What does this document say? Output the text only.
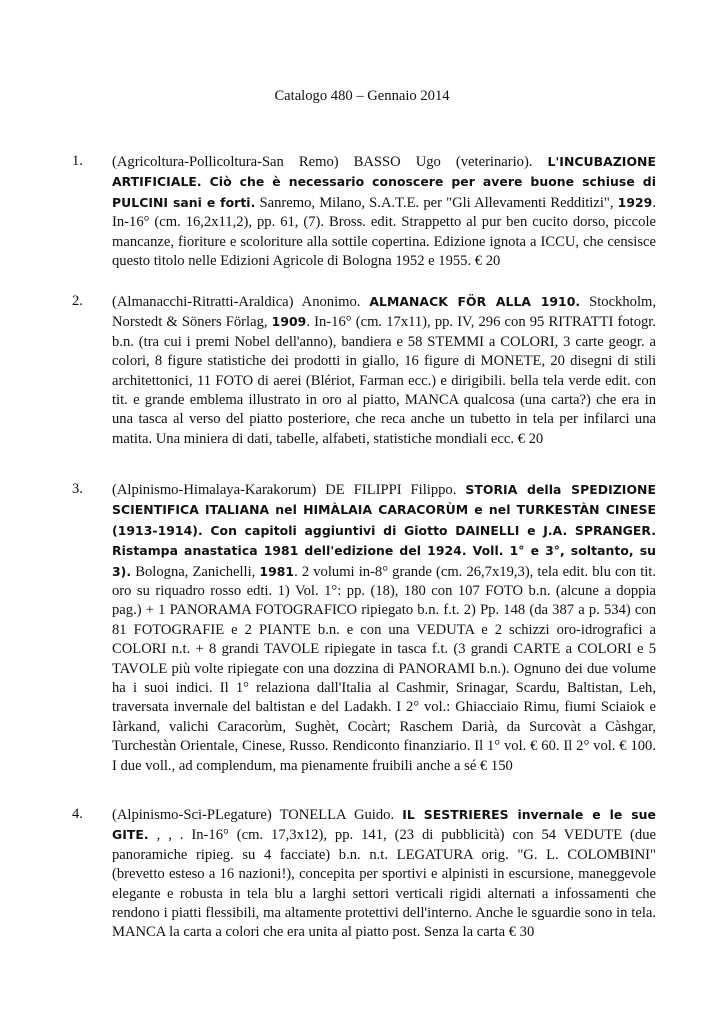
Catalogo 480 – Gennaio 2014
1. (Agricoltura-Pollicoltura-San Remo) BASSO Ugo (veterinario). L'INCUBAZIONE ARTIFICIALE. Ciò che è necessario conoscere per avere buone schiuse di PULCINI sani e forti. Sanremo, Milano, S.A.T.E. per "Gli Allevamenti Redditizi", 1929. In-16° (cm. 16,2x11,2), pp. 61, (7). Bross. edit. Strappetto al pur ben cucito dorso, piccole mancanze, fioriture e scoloriture alla sottile copertina. Edizione ignota a ICCU, che censisce questo titolo nelle Edizioni Agricole di Bologna 1952 e 1955. € 20
2. (Almanacchi-Ritratti-Araldica) Anonimo. ALMANACK FÖR ALLA 1910. Stockholm, Norstedt & Söners Förlag, 1909. In-16° (cm. 17x11), pp. IV, 296 con 95 RITRATTI fotogr. b.n. (tra cui i premi Nobel dell'anno), bandiera e 58 STEMMI a COLORI, 3 carte geogr. a colori, 8 figure statistiche dei prodotti in giallo, 16 figure di MONETE, 20 disegni di stili architettonici, 11 FOTO di aerei (Blériot, Farman ecc.) e dirigibili. bella tela verde edit. con tit. e grande emblema illustrato in oro al piatto, MANCA qualcosa (una carta?) che era in una tasca al verso del piatto posteriore, che reca anche un tubetto in tela per infilarci una matita. Una miniera di dati, tabelle, alfabeti, statistiche mondiali ecc. € 20
3. (Alpinismo-Himalaya-Karakorum) DE FILIPPI Filippo. STORIA della SPEDIZIONE SCIENTIFICA ITALIANA nel HIMÀLAIA CARACORÙM e nel TURKESTÀN CINESE (1913-1914). Con capitoli aggiuntivi di Giotto DAINELLI e J.A. SPRANGER. Ristampa anastatica 1981 dell'edizione del 1924. Voll. 1° e 3°, soltanto, su 3). Bologna, Zanichelli, 1981. 2 volumi in-8° grande (cm. 26,7x19,3), tela edit. blu con tit. oro su riquadro rosso edti. 1) Vol. 1°: pp. (18), 180 con 107 FOTO b.n. (alcune a doppia pag.) + 1 PANORAMA FOTOGRAFICO ripiegato b.n. f.t. 2) Pp. 148 (da 387 a p. 534) con 81 FOTOGRAFIE e 2 PIANTE b.n. e con una VEDUTA e 2 schizzi oro-idrografici a COLORI n.t. + 8 grandi TAVOLE ripiegate in tasca f.t. (3 grandi CARTE a COLORI e 5 TAVOLE più volte ripiegate con una dozzina di PANORAMI b.n.). Ognuno dei due volume ha i suoi indici. Il 1° relaziona dall'Italia al Cashmir, Srinagar, Scardu, Baltistan, Leh, traversata invernale del baltistan e del Ladakh. I 2° vol.: Ghiacciaio Rimu, fiumi Sciaiok e Iàrkand, valichi Caracorùm, Sughèt, Cocàrt; Raschem Darià, da Surcovàt a Càshgar, Turchestàn Orientale, Cinese, Russo. Rendiconto finanziario. Il 1° vol. € 60. Il 2° vol. € 100. I due voll., ad complendum, ma pienamente fruibili anche a sé € 150
4. (Alpinismo-Sci-PLegature) TONELLA Guido. IL SESTRIERES invernale e le sue GITE. , , . In-16° (cm. 17,3x12), pp. 141, (23 di pubblicità) con 54 VEDUTE (due panoramiche ripieg. su 4 facciate) b.n. n.t. LEGATURA orig. "G. L. COLOMBINI" (brevetto esteso a 16 nazioni!), concepita per sportivi e alpinisti in escursione, maneggevole elegante e robusta in tela blu a larghi settori verticali rigidi alternati a infossamenti che rendono i piatti flessibili, ma altamente protettivi dell'interno. Anche le sguardie sono in tela. MANCA la carta a colori che era unita al piatto post. Senza la carta € 30
